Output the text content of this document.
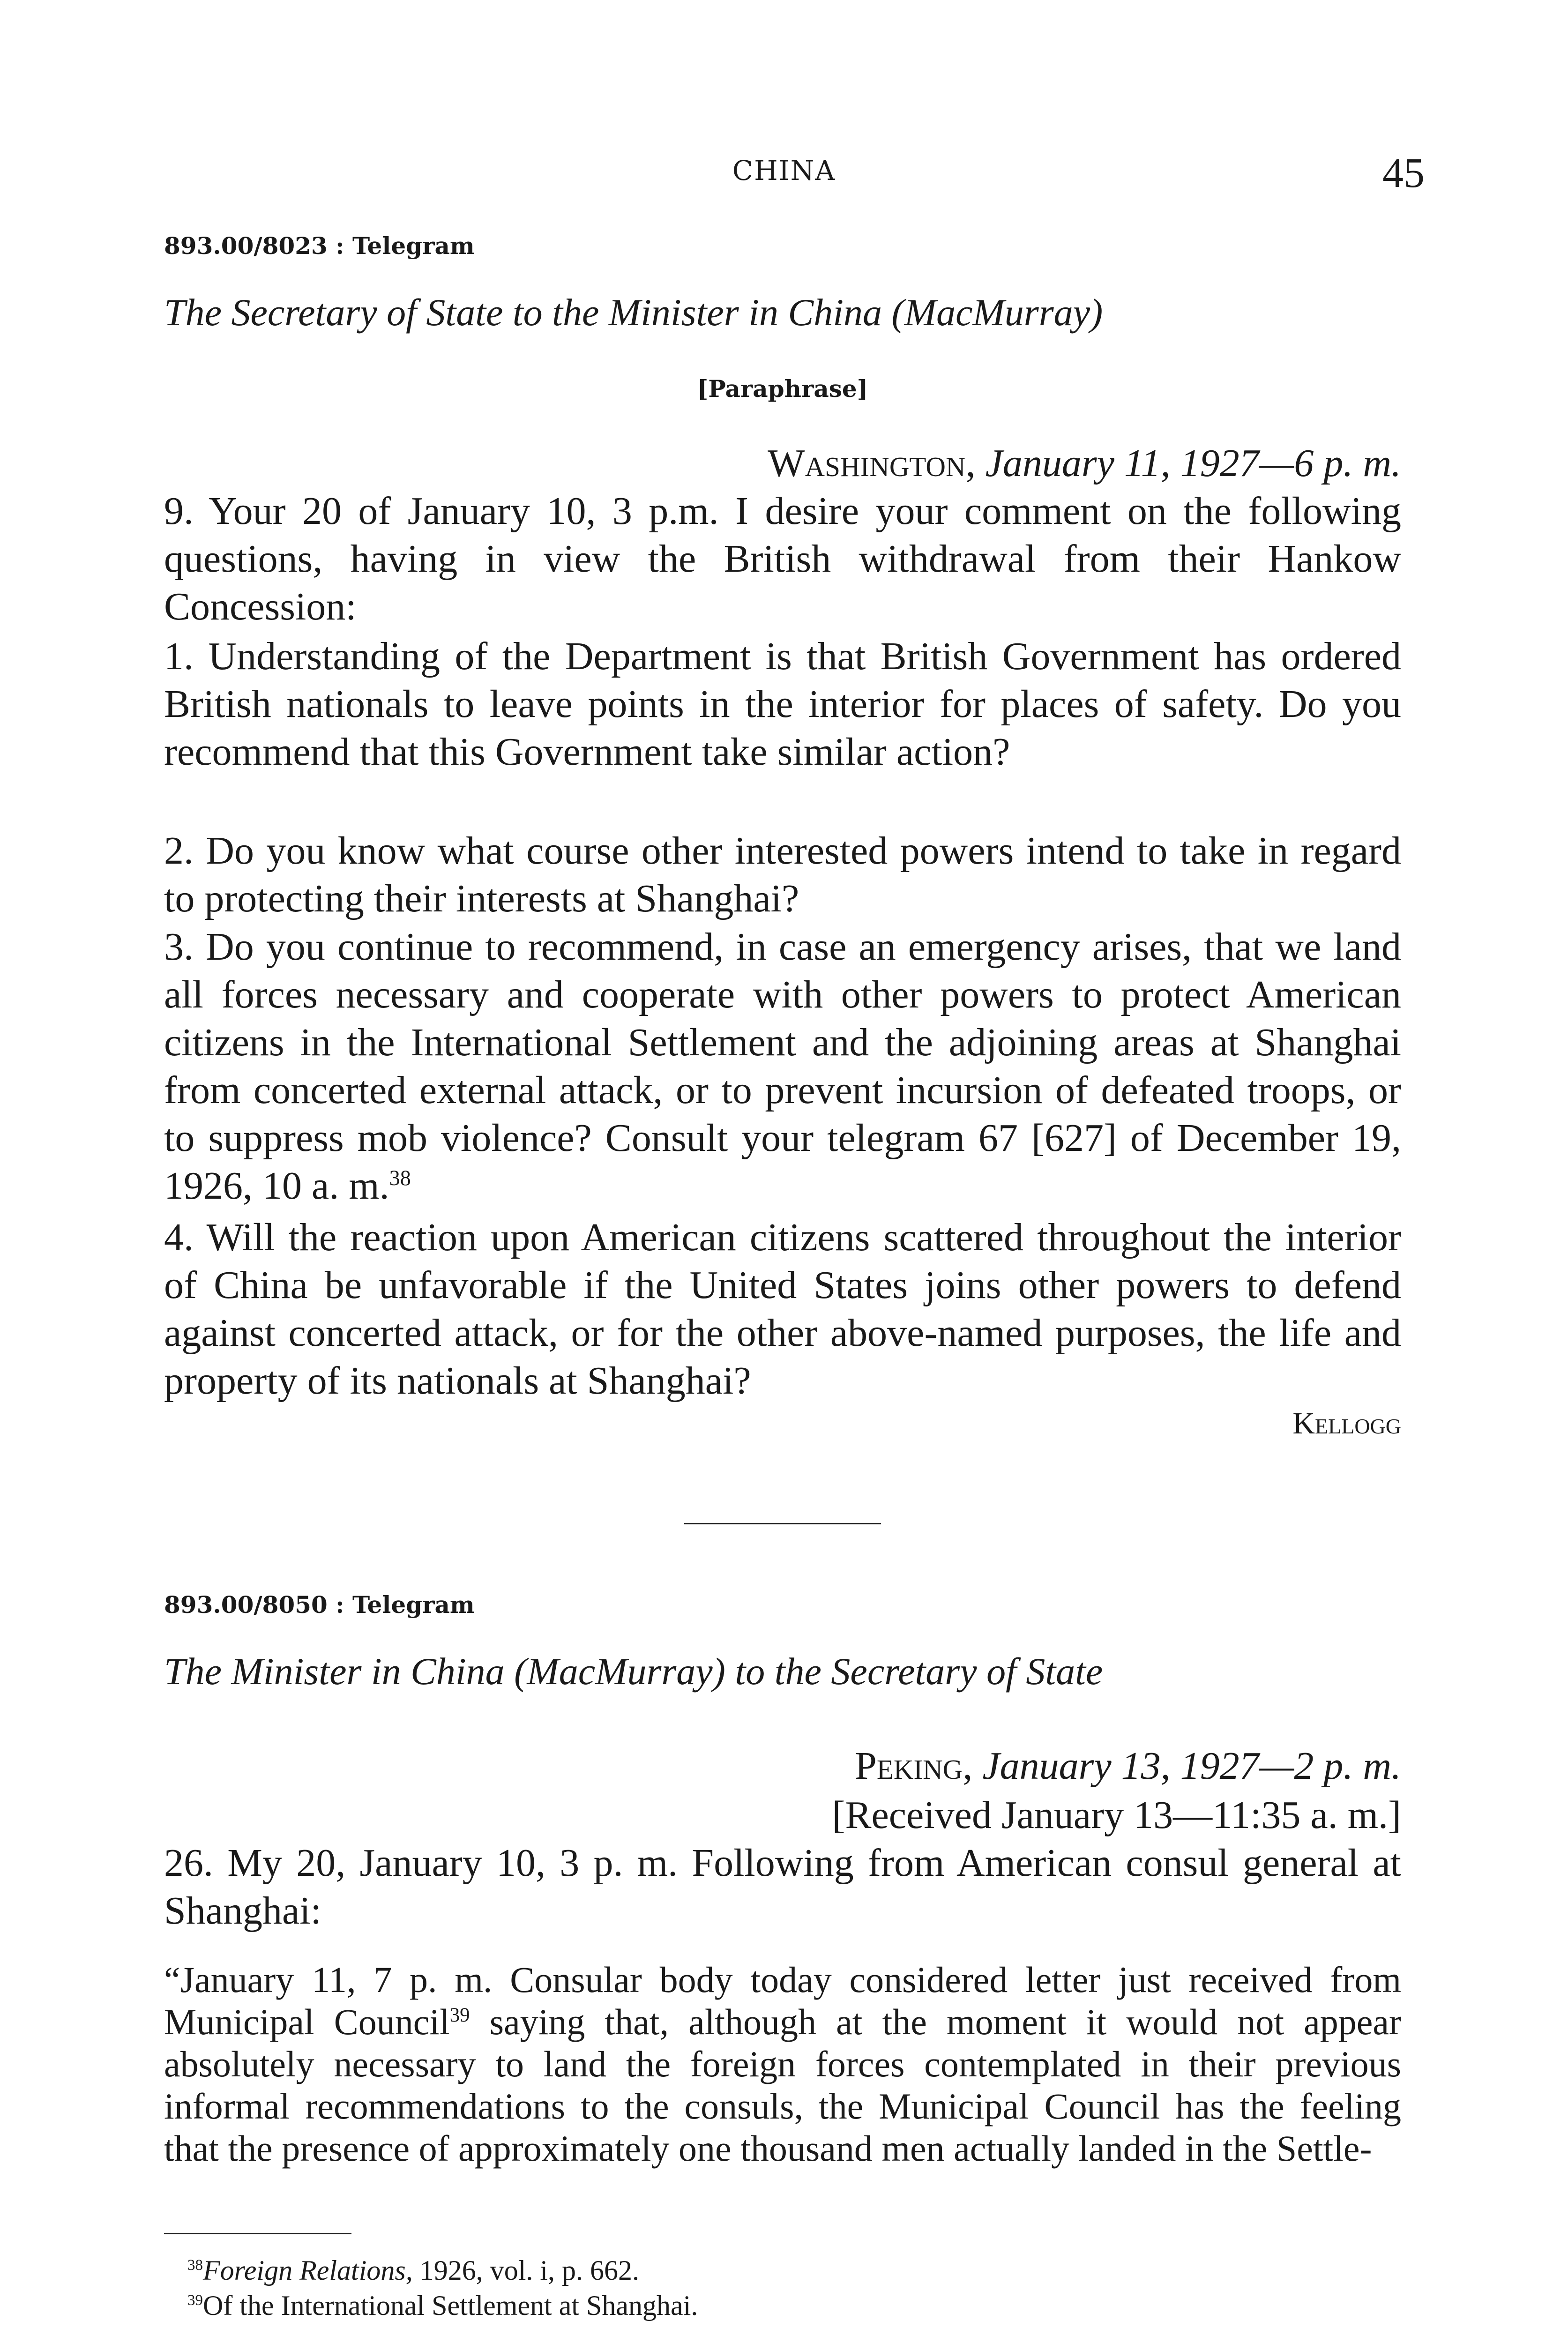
CHINA	45
893.00/8023 : Telegram
The Secretary of State to the Minister in China (MacMurray)
[Paraphrase]
Washington, January 11, 1927—6 p. m.

9. Your 20 of January 10, 3 p.m. I desire your comment on the following questions, having in view the British withdrawal from their Hankow Concession:

1. Understanding of the Department is that British Government has ordered British nationals to leave points in the interior for places of safety. Do you recommend that this Government take similar action?

2. Do you know what course other interested powers intend to take in regard to protecting their interests at Shanghai?

3. Do you continue to recommend, in case an emergency arises, that we land all forces necessary and cooperate with other powers to protect American citizens in the International Settlement and the adjoining areas at Shanghai from concerted external attack, or to prevent incursion of defeated troops, or to suppress mob violence? Consult your telegram 67 [627] of December 19, 1926, 10 a. m.$^{38}$

4. Will the reaction upon American citizens scattered throughout the interior of China be unfavorable if the United States joins other powers to defend against concerted attack, or for the other above-named purposes, the life and property of its nationals at Shanghai?

Kellogg
893.00/8050 : Telegram
The Minister in China (MacMurray) to the Secretary of State
Peking, January 13, 1927—2 p. m.
[Received January 13—11:35 a. m.]

26. My 20, January 10, 3 p. m. Following from American consul general at Shanghai:

“January 11, 7 p. m. Consular body today considered letter just received from Municipal Council$^{39}$ saying that, although at the moment it would not appear absolutely necessary to land the foreign forces contemplated in their previous informal recommendations to the consuls, the Municipal Council has the feeling that the presence of approximately one thousand men actually landed in the Settle-

$^{38}$Foreign Relations, 1926, vol. i, p. 662.
$^{39}$Of the International Settlement at Shanghai.
